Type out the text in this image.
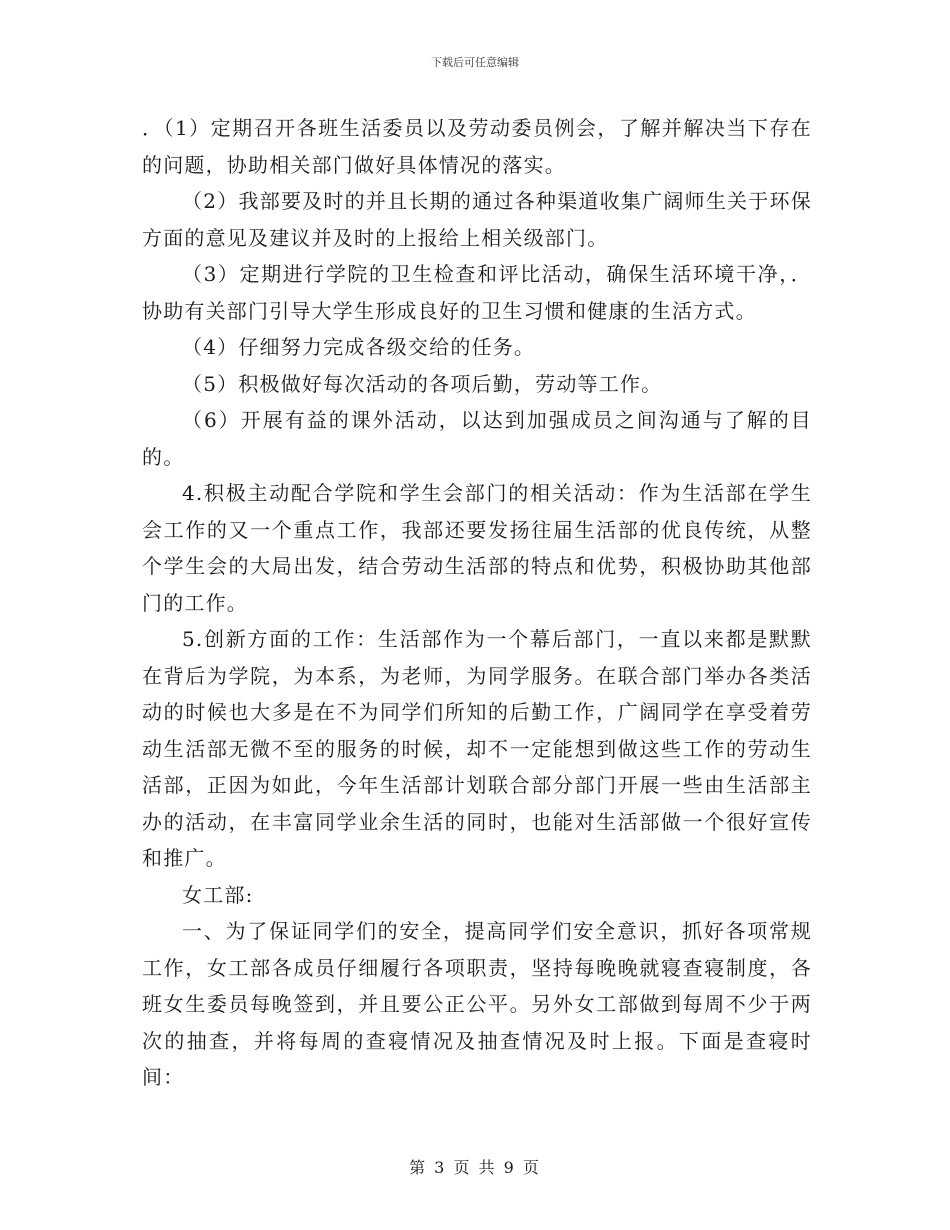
下载后可任意编辑

．（1）定期召开各班生活委员以及劳动委员例会，了解并解决当下存在的问题，协助相关部门做好具体情况的落实。

（2）我部要及时的并且长期的通过各种渠道收集广阔师生关于环保方面的意见及建议并及时的上报给上相关级部门。

（3）定期进行学院的卫生检查和评比活动，确保生活环境干净，．协助有关部门引导大学生形成良好的卫生习惯和健康的生活方式。

（4）仔细努力完成各级交给的任务。

（5）积极做好每次活动的各项后勤，劳动等工作。

（6）开展有益的课外活动，以达到加强成员之间沟通与了解的目的。

4.积极主动配合学院和学生会部门的相关活动：作为生活部在学生会工作的又一个重点工作，我部还要发扬往届生活部的优良传统，从整个学生会的大局出发，结合劳动生活部的特点和优势，积极协助其他部门的工作。

5.创新方面的工作：生活部作为一个幕后部门，一直以来都是默默在背后为学院，为本系，为老师，为同学服务。在联合部门举办各类活动的时候也大多是在不为同学们所知的后勤工作，广阔同学在享受着劳动生活部无微不至的服务的时候，却不一定能想到做这些工作的劳动生活部，正因为如此，今年生活部计划联合部分部门开展一些由生活部主办的活动，在丰富同学业余生活的同时，也能对生活部做一个很好宣传和推广。

女工部:

一、为了保证同学们的安全，提高同学们安全意识，抓好各项常规工作，女工部各成员仔细履行各项职责，坚持每晚晚就寝查寝制度，各班女生委员每晚签到，并且要公正公平。另外女工部做到每周不少于两次的抽查，并将每周的查寝情况及抽查情况及时上报。下面是查寝时间：

第 3 页 共 9 页
